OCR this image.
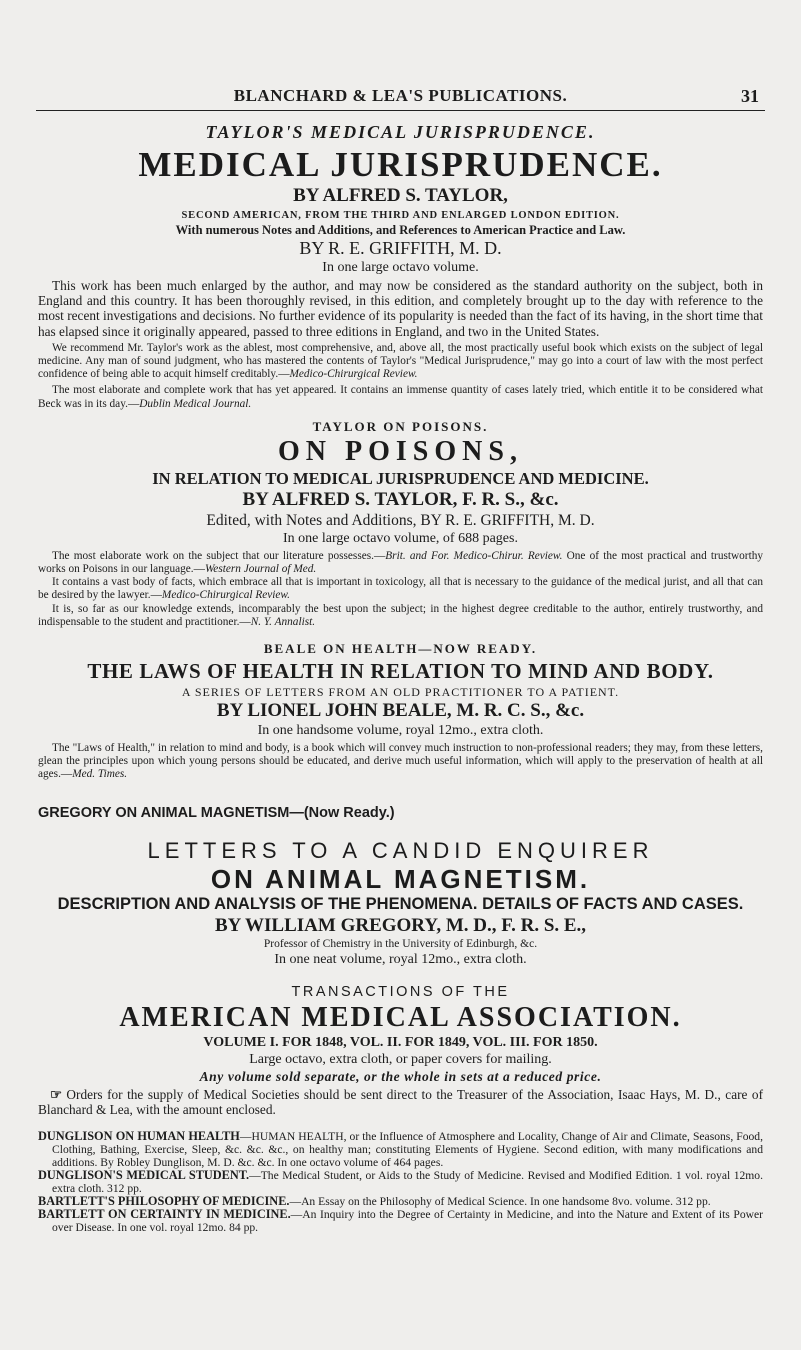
BLANCHARD & LEA'S PUBLICATIONS.	31

TAYLOR'S MEDICAL JURISPRUDENCE.

MEDICAL JURISPRUDENCE.

BY ALFRED S. TAYLOR,

SECOND AMERICAN, FROM THE THIRD AND ENLARGED LONDON EDITION.

With numerous Notes and Additions, and References to American Practice and Law.

BY R. E. GRIFFITH, M. D.

In one large octavo volume.

This work has been much enlarged by the author, and may now be considered as the standard authority on the subject, both in England and this country. It has been thoroughly revised, in this edition, and completely brought up to the day with reference to the most recent investigations and decisions. No further evidence of its popularity is needed than the fact of its having, in the short time that has elapsed since it originally appeared, passed to three editions in England, and two in the United States.

We recommend Mr. Taylor's work as the ablest, most comprehensive, and, above all, the most practically useful book which exists on the subject of legal medicine. Any man of sound judgment, who has mastered the contents of Taylor's "Medical Jurisprudence," may go into a court of law with the most perfect confidence of being able to acquit himself creditably.—Medico-Chirurgical Review.

The most elaborate and complete work that has yet appeared. It contains an immense quantity of cases lately tried, which entitle it to be considered what Beck was in its day.—Dublin Medical Journal.

TAYLOR ON POISONS.

ON POISONS,

IN RELATION TO MEDICAL JURISPRUDENCE AND MEDICINE.

BY ALFRED S. TAYLOR, F. R. S., &c.

Edited, with Notes and Additions, BY R. E. GRIFFITH, M. D.

In one large octavo volume, of 688 pages.

The most elaborate work on the subject that our literature possesses.—Brit. and For. Medico-Chirur. Review. One of the most practical and trustworthy works on Poisons in our language.—Western Journal of Med.

It contains a vast body of facts, which embrace all that is important in toxicology, all that is necessary to the guidance of the medical jurist, and all that can be desired by the lawyer.—Medico-Chirurgical Review.

It is, so far as our knowledge extends, incomparably the best upon the subject; in the highest degree creditable to the author, entirely trustworthy, and indispensable to the student and practitioner.—N. Y. Annalist.

BEALE ON HEALTH—NOW READY.

THE LAWS OF HEALTH IN RELATION TO MIND AND BODY.

A SERIES OF LETTERS FROM AN OLD PRACTITIONER TO A PATIENT.

BY LIONEL JOHN BEALE, M. R. C. S., &c.

In one handsome volume, royal 12mo., extra cloth.

The "Laws of Health," in relation to mind and body, is a book which will convey much instruction to non-professional readers; they may, from these letters, glean the principles upon which young persons should be educated, and derive much useful information, which will apply to the preservation of health at all ages.—Med. Times.

GREGORY ON ANIMAL MAGNETISM—(Now Ready.)

LETTERS TO A CANDID ENQUIRER

ON ANIMAL MAGNETISM.

DESCRIPTION AND ANALYSIS OF THE PHENOMENA. DETAILS OF FACTS AND CASES.

BY WILLIAM GREGORY, M. D., F. R. S. E.,

Professor of Chemistry in the University of Edinburgh, &c.

In one neat volume, royal 12mo., extra cloth.

TRANSACTIONS OF THE

AMERICAN MEDICAL ASSOCIATION.

VOLUME I. FOR 1848, VOL. II. FOR 1849, VOL. III. FOR 1850.

Large octavo, extra cloth, or paper covers for mailing.

Any volume sold separate, or the whole in sets at a reduced price.

☞ Orders for the supply of Medical Societies should be sent direct to the Treasurer of the Association, Isaac Hays, M. D., care of Blanchard & Lea, with the amount enclosed.

DUNGLISON ON HUMAN HEALTH—HUMAN HEALTH, or the Influence of Atmosphere and Locality, Change of Air and Climate, Seasons, Food, Clothing, Bathing, Exercise, Sleep, &c. &c. &c., on healthy man; constituting Elements of Hygiene. Second edition, with many modifications and additions. By Robley Dunglison, M. D. &c. &c. In one octavo volume of 464 pages.

DUNGLISON'S MEDICAL STUDENT.—The Medical Student, or Aids to the Study of Medicine. Revised and Modified Edition. 1 vol. royal 12mo. extra cloth. 312 pp.

BARTLETT'S PHILOSOPHY OF MEDICINE.—An Essay on the Philosophy of Medical Science. In one handsome 8vo. volume. 312 pp.

BARTLETT ON CERTAINTY IN MEDICINE.—An Inquiry into the Degree of Certainty in Medicine, and into the Nature and Extent of its Power over Disease. In one vol. royal 12mo. 84 pp.
